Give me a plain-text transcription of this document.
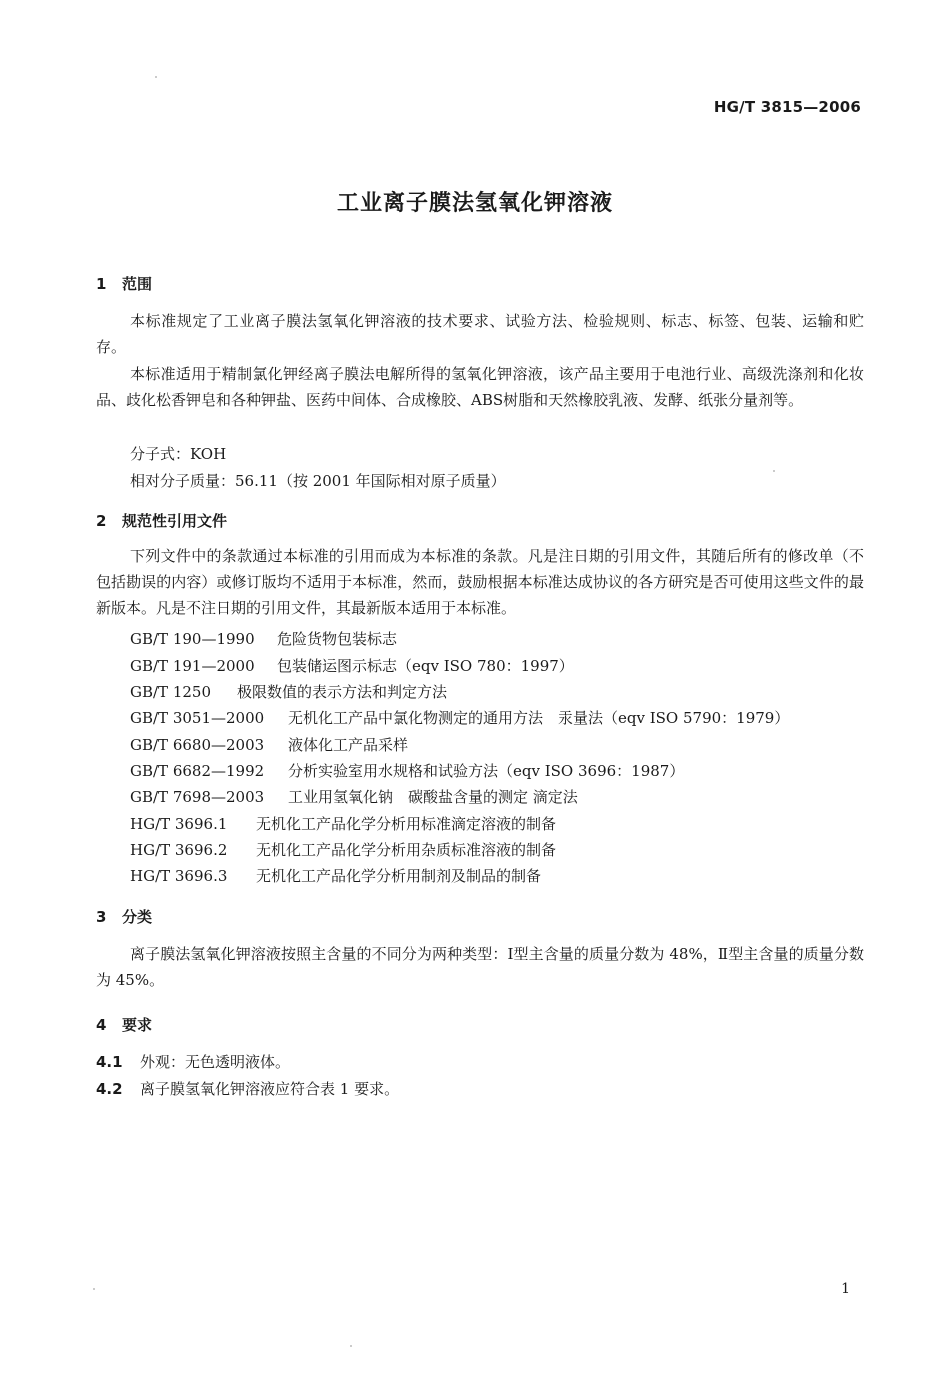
HG/T 3815—2006
工业离子膜法氢氧化钾溶液
1 范围
本标准规定了工业离子膜法氢氧化钾溶液的技术要求、试验方法、检验规则、标志、标签、包装、运输和贮存。
本标准适用于精制氯化钾经离子膜法电解所得的氢氧化钾溶液，该产品主要用于电池行业、高级洗涤剂和化妆品、歧化松香钾皂和各种钾盐、医药中间体、合成橡胶、ABS树脂和天然橡胶乳液、发酵、纸张分量剂等。
分子式：KOH
相对分子质量：56.11（按 2001 年国际相对原子质量）
2 规范性引用文件
下列文件中的条款通过本标准的引用而成为本标准的条款。凡是注日期的引用文件，其随后所有的修改单（不包括勘误的内容）或修订版均不适用于本标准，然而，鼓励根据本标准达成协议的各方研究是否可使用这些文件的最新版本。凡是不注日期的引用文件，其最新版本适用于本标准。
GB/T 190—1990 危险货物包装标志
GB/T 191—2000 包装储运图示标志（eqv ISO 780：1997）
GB/T 1250 极限数值的表示方法和判定方法
GB/T 3051—2000 无机化工产品中氯化物测定的通用方法　汞量法（eqv ISO 5790：1979）
GB/T 6680—2003 液体化工产品采样
GB/T 6682—1992 分析实验室用水规格和试验方法（eqv ISO 3696：1987）
GB/T 7698—2003 工业用氢氧化钠　碳酸盐含量的测定 滴定法
HG/T 3696.1 无机化工产品化学分析用标准滴定溶液的制备
HG/T 3696.2 无机化工产品化学分析用杂质标准溶液的制备
HG/T 3696.3 无机化工产品化学分析用制剂及制品的制备
3 分类
离子膜法氢氧化钾溶液按照主含量的不同分为两种类型：Ⅰ型主含量的质量分数为 48%，Ⅱ型主含量的质量分数为 45%。
4 要求
4.1 外观：无色透明液体。
4.2 离子膜氢氧化钾溶液应符合表 1 要求。
1
